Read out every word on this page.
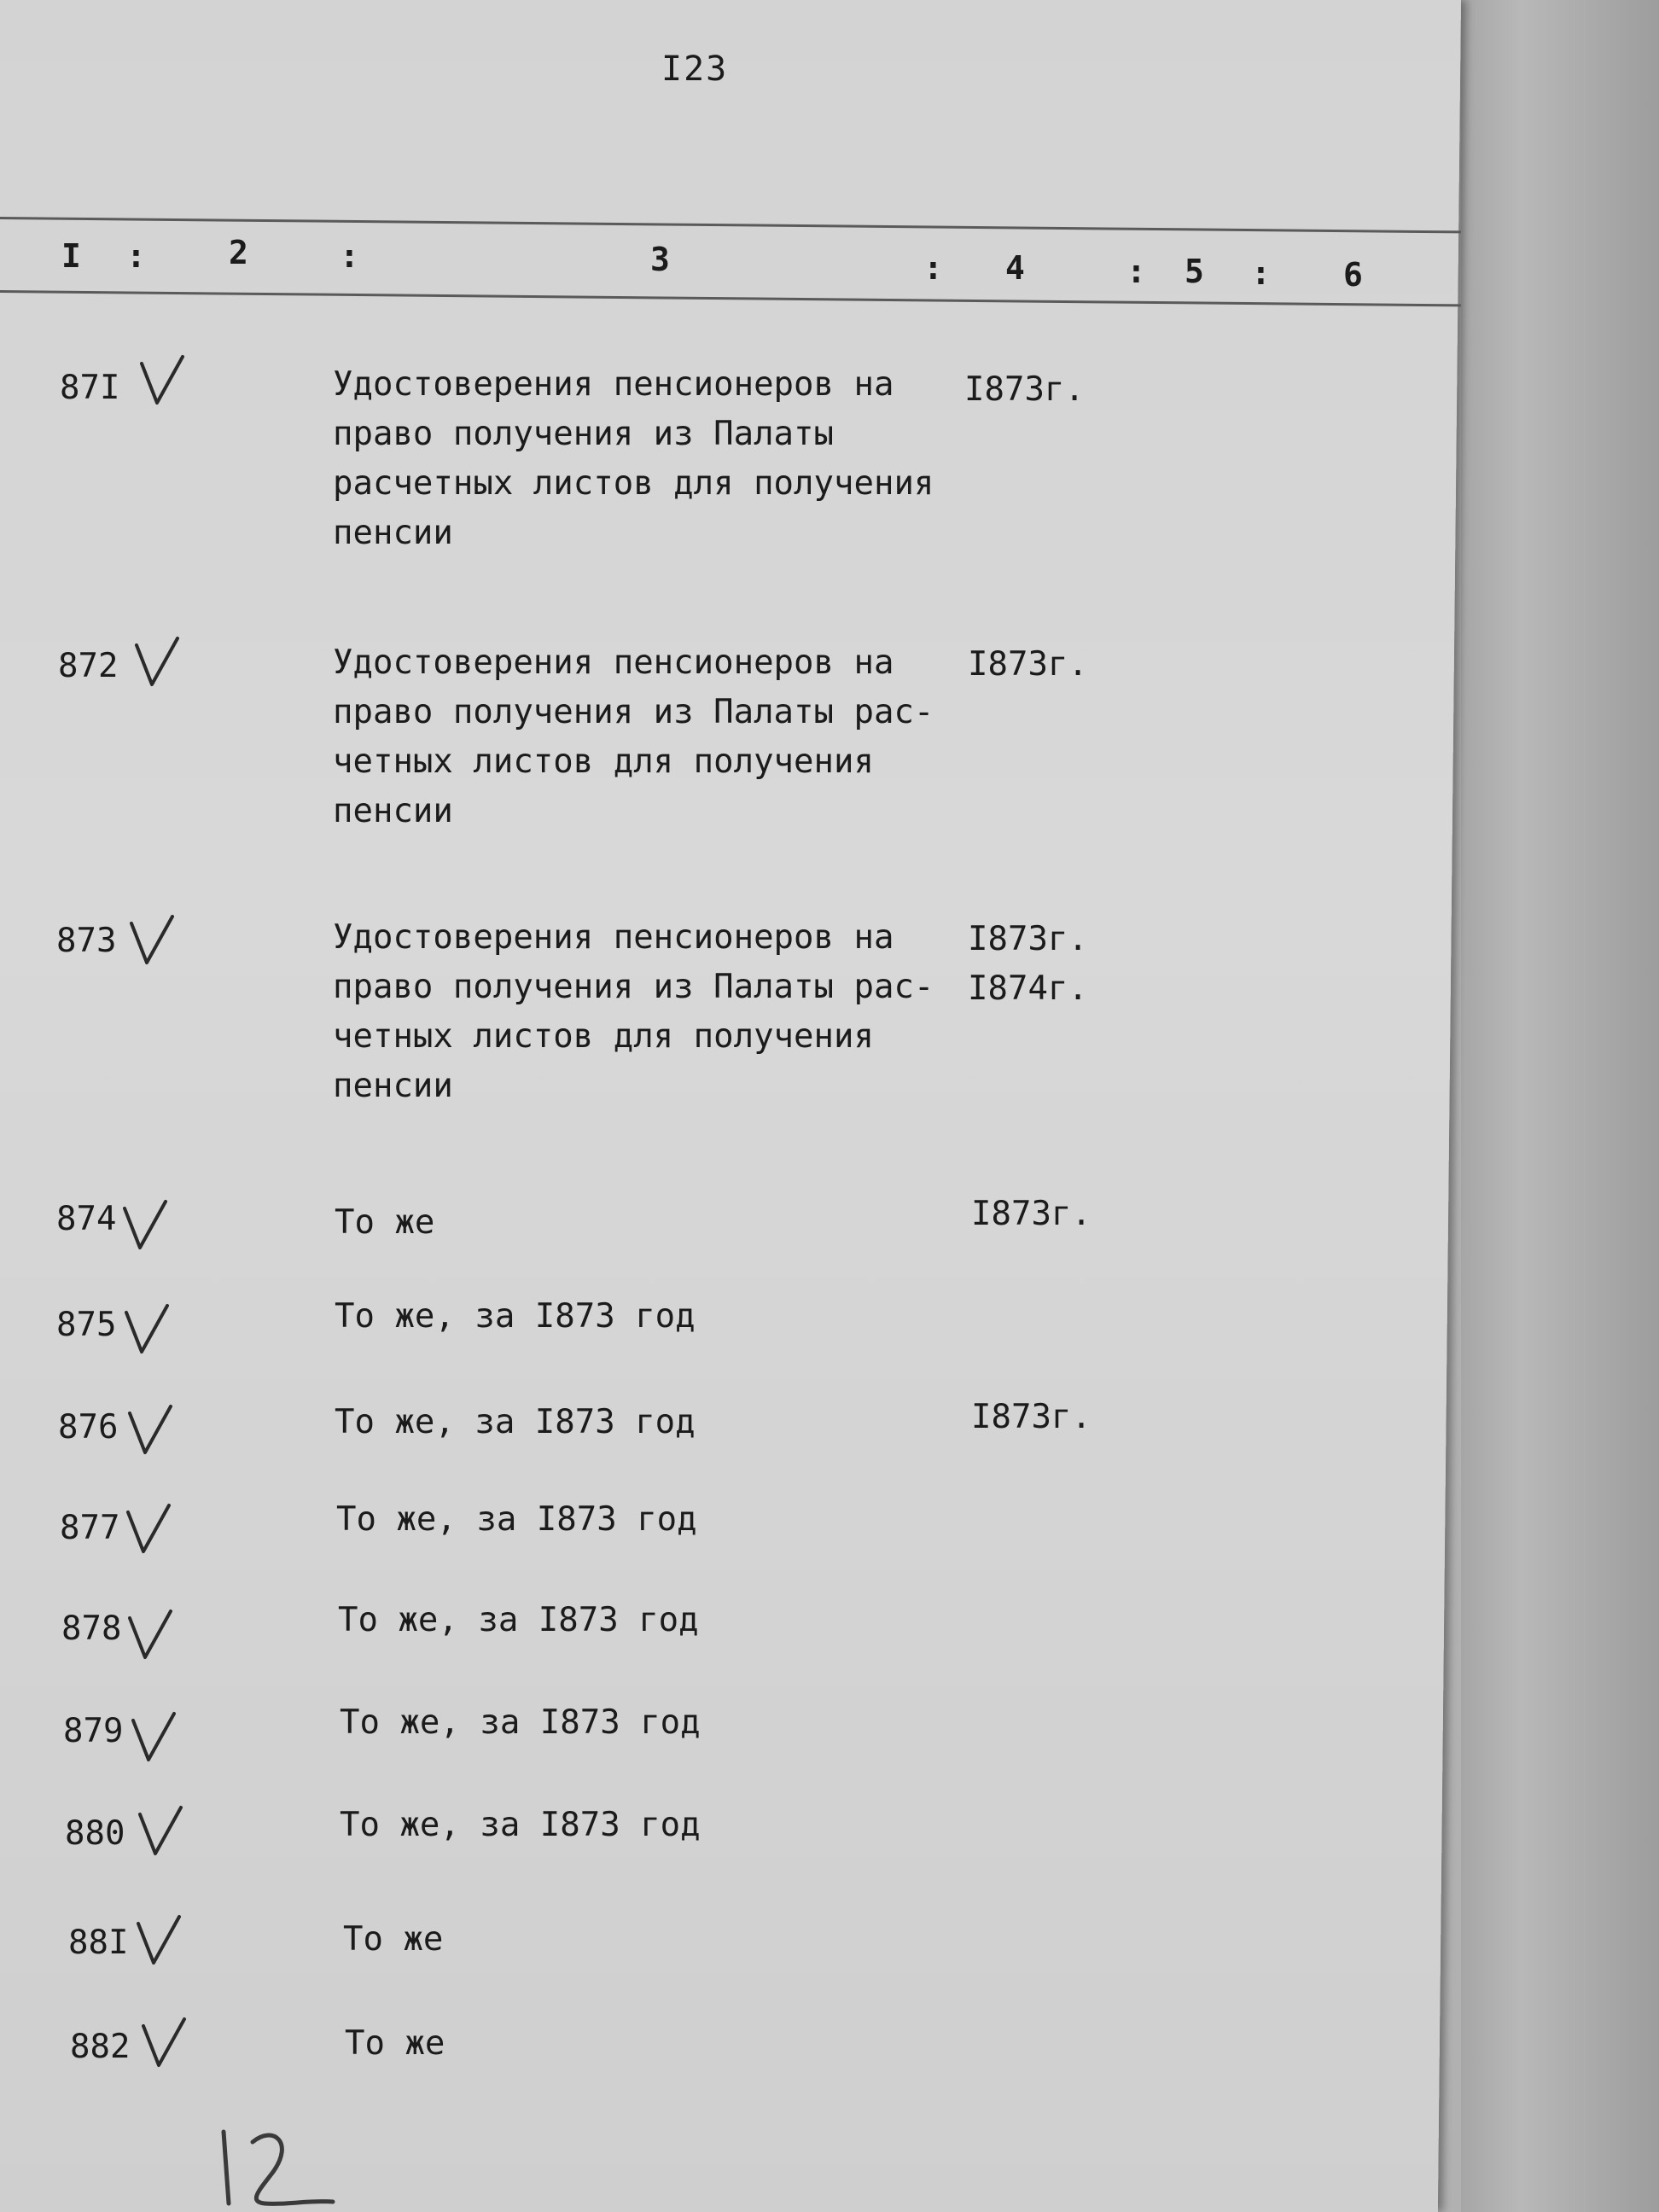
I23
I :	2	:	3	: 4	: 5 : 6
87I	Удостоверения пенсионеров на
право получения из Палаты
расчетных листов для получения
пенсии
I873г.
872	Удостоверения пенсионеров на
право получения из Палаты рас-
четных листов для получения
пенсии
I873г.
873	Удостоверения пенсионеров на
право получения из Палаты рас-
четных листов для получения
пенсии
I873г.
I874г.
874	То же	I873г.
875	То же, за I873 год
876	То же, за I873 год	I873г.
877	То же, за I873 год
878	То же, за I873 год
879	То же, за I873 год
880	То же, за I873 год
88I	То же
882	То же
